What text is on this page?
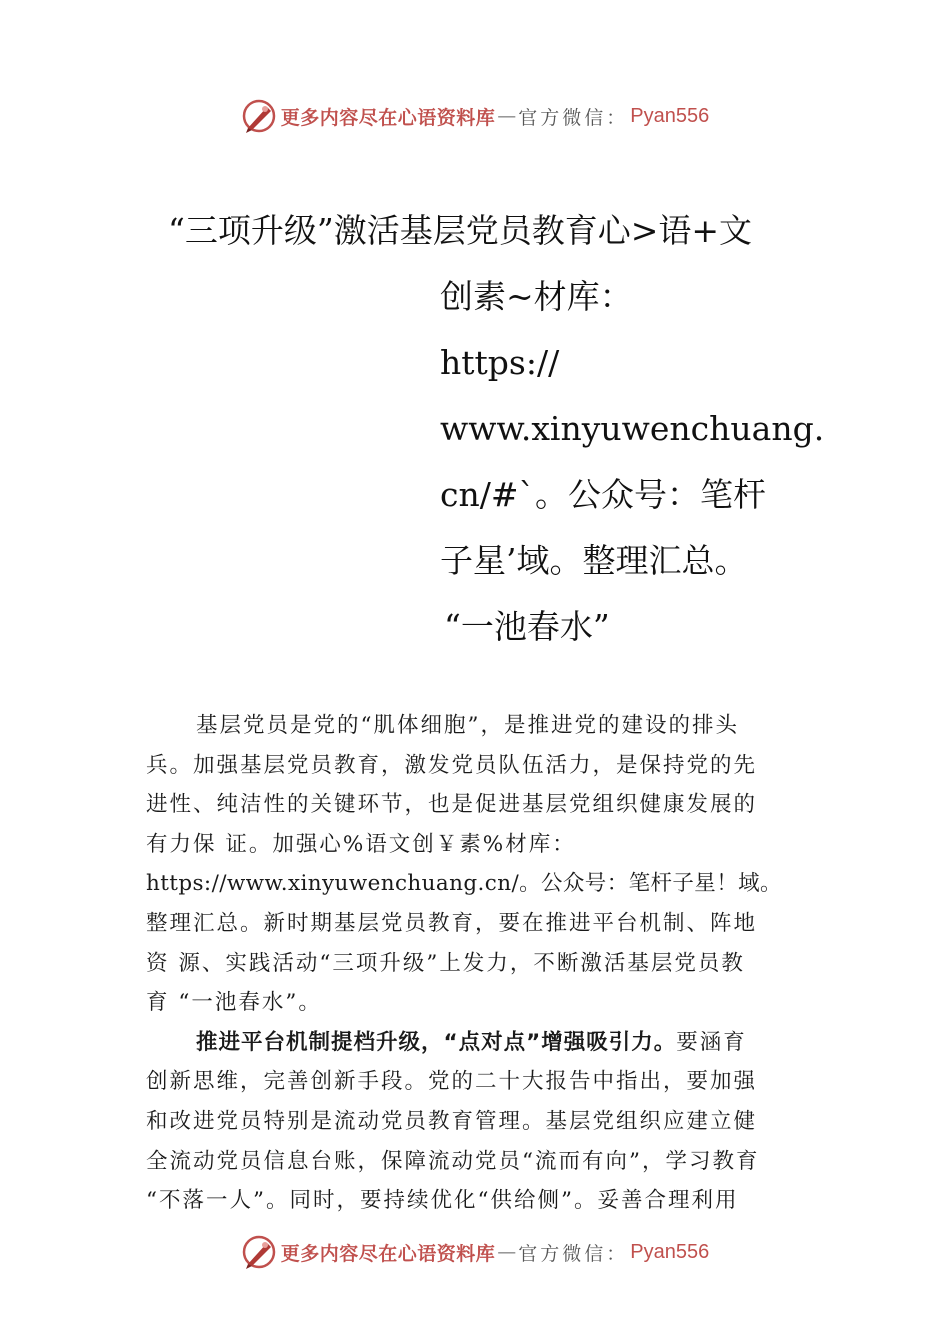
更多内容尽在心语资料库 — 官方微信： Pyan556
“三项升级”激活基层党员教育心>语+文
创素~材库：
https://
www.xinyuwenchuang.
cn/#`。公众号：笔杆
子星’域。整理汇总。
“一池春水”

基层党员是党的“肌体细胞”，是推进党的建设的排头

兵。加强基层党员教育，激发党员队伍活力，是保持党的先

进性、纯洁性的关键环节，也是促进基层党组织健康发展的

有力保 证。加强心%语文创￥素%材库：

https://www.xinyuwenchuang.cn/。公众号：笔杆子星！域。

整理汇总。新时期基层党员教育，要在推进平台机制、阵地

资 源、实践活动“三项升级”上发力，不断激活基层党员教

育 “一池春水”。

推进平台机制提档升级，“点对点”增强吸引力。要涵育

创新思维，完善创新手段。党的二十大报告中指出，要加强

和改进党员特别是流动党员教育管理。基层党组织应建立健

全流动党员信息台账，保障流动党员“流而有向”，学习教育

“不落一人”。同时，要持续优化“供给侧”。妥善合理利用

更多内容尽在心语资料库 — 官方微信： Pyan556
